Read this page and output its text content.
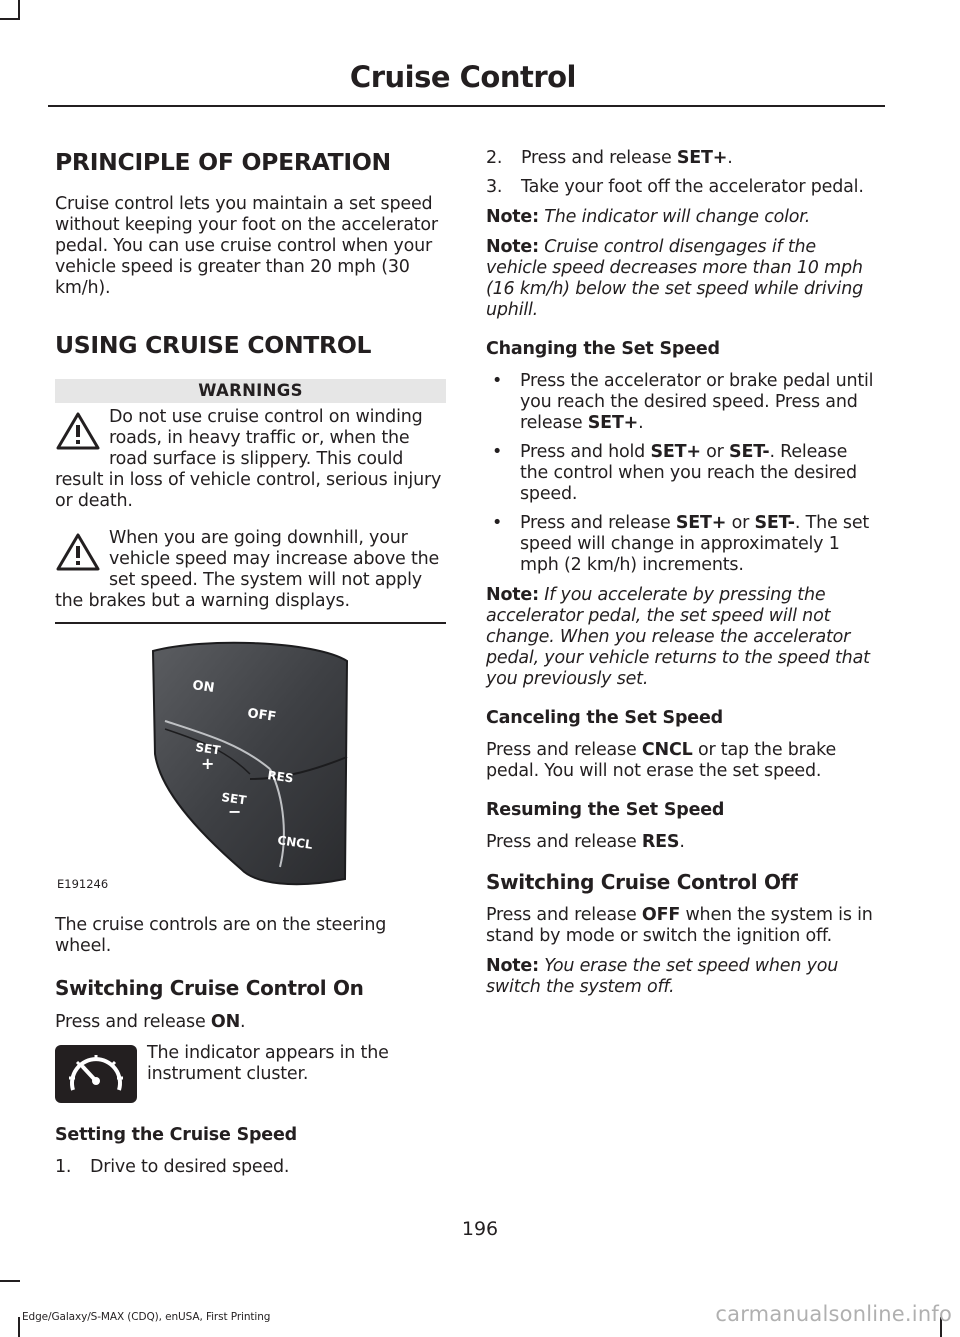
Cruise Control

PRINCIPLE OF OPERATION

Cruise control lets you maintain a set speed without keeping your foot on the accelerator pedal. You can use cruise control when your vehicle speed is greater than 20 mph (30 km/h).

USING CRUISE CONTROL

WARNINGS

Do not use cruise control on winding roads, in heavy traffic or, when the road surface is slippery. This could result in loss of vehicle control, serious injury or death.

When you are going downhill, your vehicle speed may increase above the set speed. The system will not apply the brakes but a warning displays.

ON
OFF
SET
+
SET
−
RES
CNCL
E191246

The cruise controls are on the steering wheel.

Switching Cruise Control On

Press and release ON.

The indicator appears in the instrument cluster.

Setting the Cruise Speed

1.	Drive to desired speed.
2.	Press and release SET+.
3.	Take your foot off the accelerator pedal.

Note: The indicator will change color.

Note: Cruise control disengages if the vehicle speed decreases more than 10 mph (16 km/h) below the set speed while driving uphill.

Changing the Set Speed

•	Press the accelerator or brake pedal until you reach the desired speed. Press and release SET+.
•	Press and hold SET+ or SET-. Release the control when you reach the desired speed.
•	Press and release SET+ or SET-. The set speed will change in approximately 1 mph (2 km/h) increments.

Note: If you accelerate by pressing the accelerator pedal, the set speed will not change. When you release the accelerator pedal, your vehicle returns to the speed that you previously set.

Canceling the Set Speed

Press and release CNCL or tap the brake pedal. You will not erase the set speed.

Resuming the Set Speed

Press and release RES.

Switching Cruise Control Off

Press and release OFF when the system is in stand by mode or switch the ignition off.

Note: You erase the set speed when you switch the system off.

196
Edge/Galaxy/S-MAX (CDQ), enUSA, First Printing	carmanualsonline.info
